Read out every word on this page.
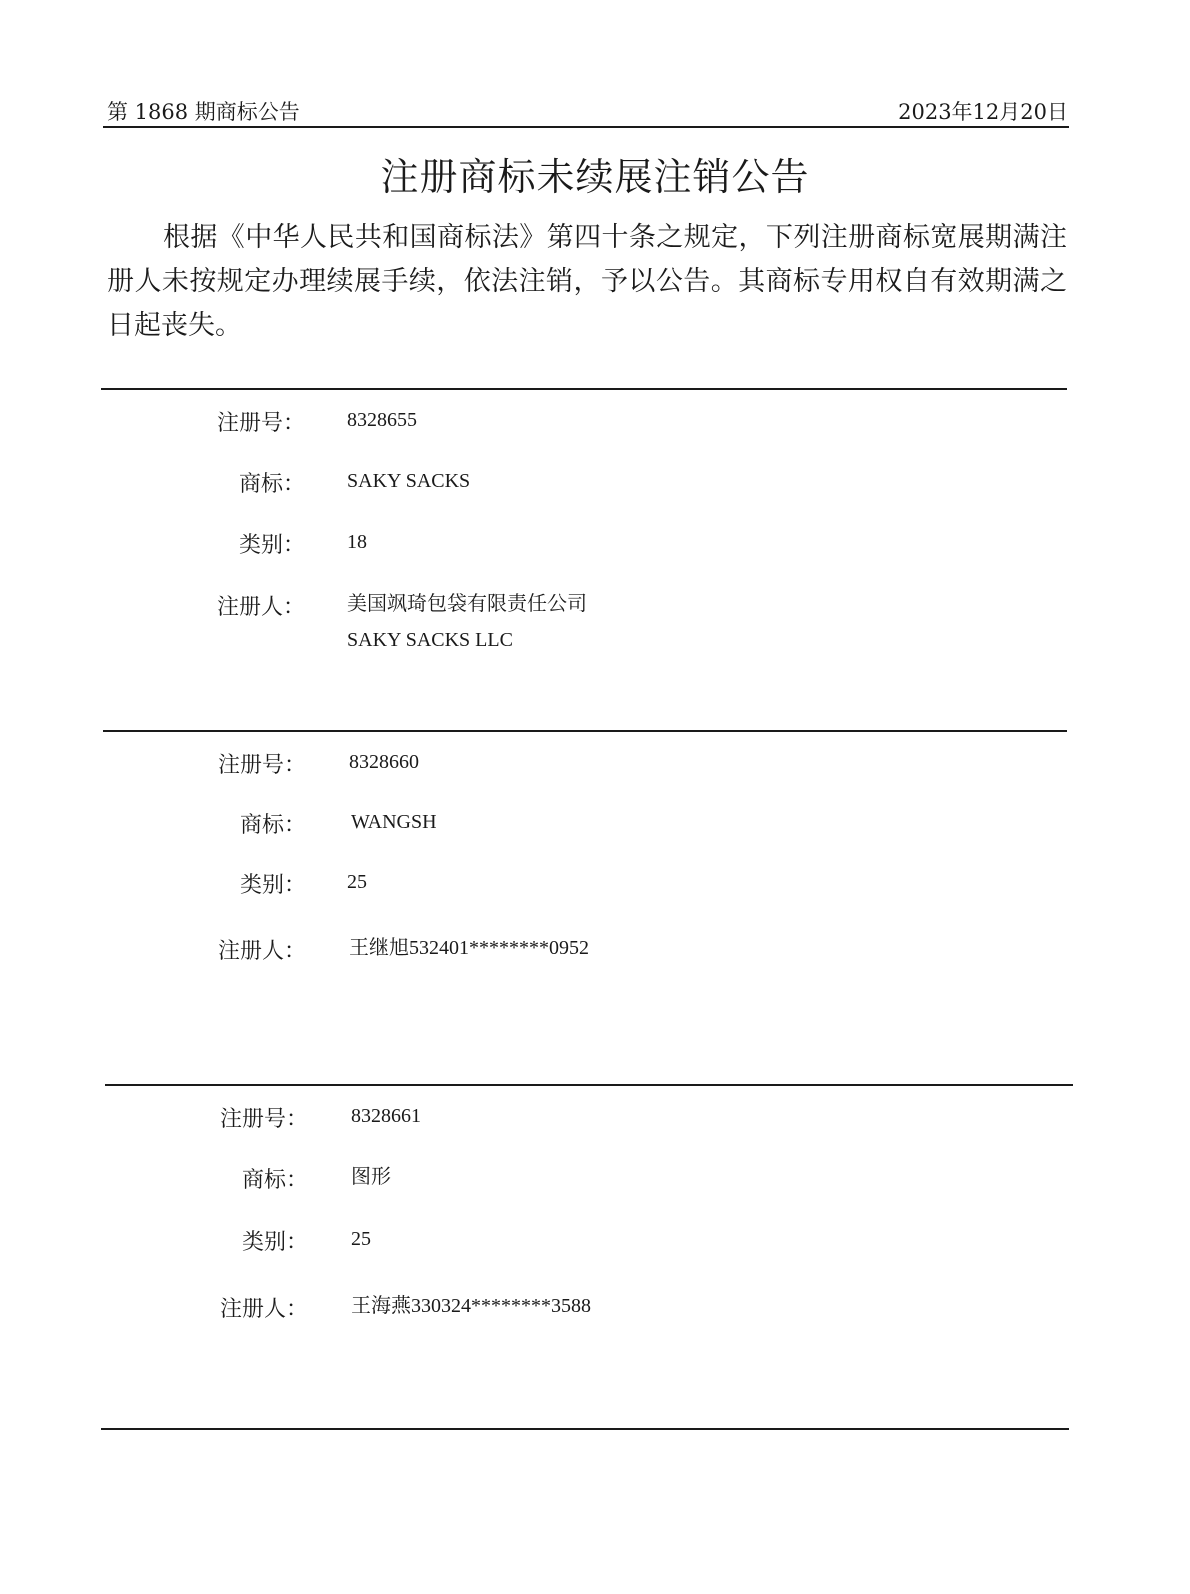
第 1868 期商标公告	2023年12月20日
注册商标未续展注销公告
根据《中华人民共和国商标法》第四十条之规定，下列注册商标宽展期满注册人未按规定办理续展手续，依法注销，予以公告。其商标专用权自有效期满之日起丧失。
注册号： 8328655
商标： SAKY SACKS
类别： 18
注册人： 美国飒琦包袋有限责任公司
SAKY SACKS LLC
注册号： 8328660
商标： WANGSH
类别： 25
注册人： 王继旭532401********0952
注册号： 8328661
商标： 图形
类别： 25
注册人： 王海燕330324********3588
